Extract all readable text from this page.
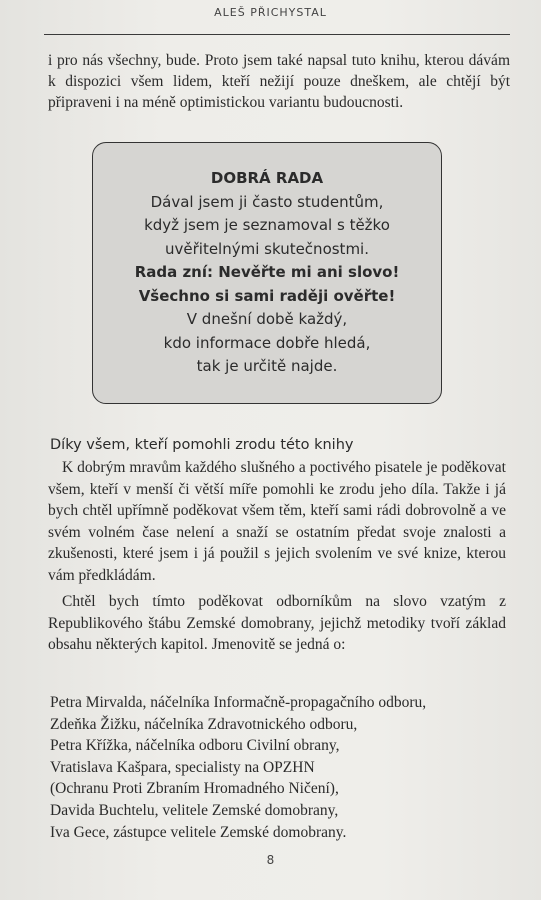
ALEŠ PŘICHYSTAL

i pro nás všechny, bude. Proto jsem také napsal tuto knihu, kterou dávám k dispozici všem lidem, kteří nežijí pouze dneškem, ale chtějí být připraveni i na méně optimistickou variantu budoucnosti.

DOBRÁ RADA
Dával jsem ji často studentům,
když jsem je seznamoval s těžko
uvěřitelnými skutečnostmi.
Rada zní: Nevěřte mi ani slovo!
Všechno si sami raději ověřte!
V dnešní době každý,
kdo informace dobře hledá,
tak je určitě najde.
Díky všem, kteří pomohli zrodu této knihy

K dobrým mravům každého slušného a poctivého pisatele je poděkovat všem, kteří v menší či větší míře pomohli ke zrodu jeho díla. Takže i já bych chtěl upřímně poděkovat všem těm, kteří sami rádi dobrovolně a ve svém volném čase nelení a snaží se ostatním předat svoje znalosti a zkušenosti, které jsem i já použil s jejich svolením ve své knize, kterou vám předkládám.

Chtěl bych tímto poděkovat odborníkům na slovo vzatým z Republikového štábu Zemské domobrany, jejichž metodiky tvoří základ obsahu některých kapitol. Jmenovitě se jedná o:

Petra Mirvalda, náčelníka Informačně-propagačního odboru,
Zdeňka Žižku, náčelníka Zdravotnického odboru,
Petra Křížka, náčelníka odboru Civilní obrany,
Vratislava Kašpara, specialisty na OPZHN
(Ochranu Proti Zbraním Hromadného Ničení),
Davida Buchtelu, velitele Zemské domobrany,
Iva Gece, zástupce velitele Zemské domobrany.
8
